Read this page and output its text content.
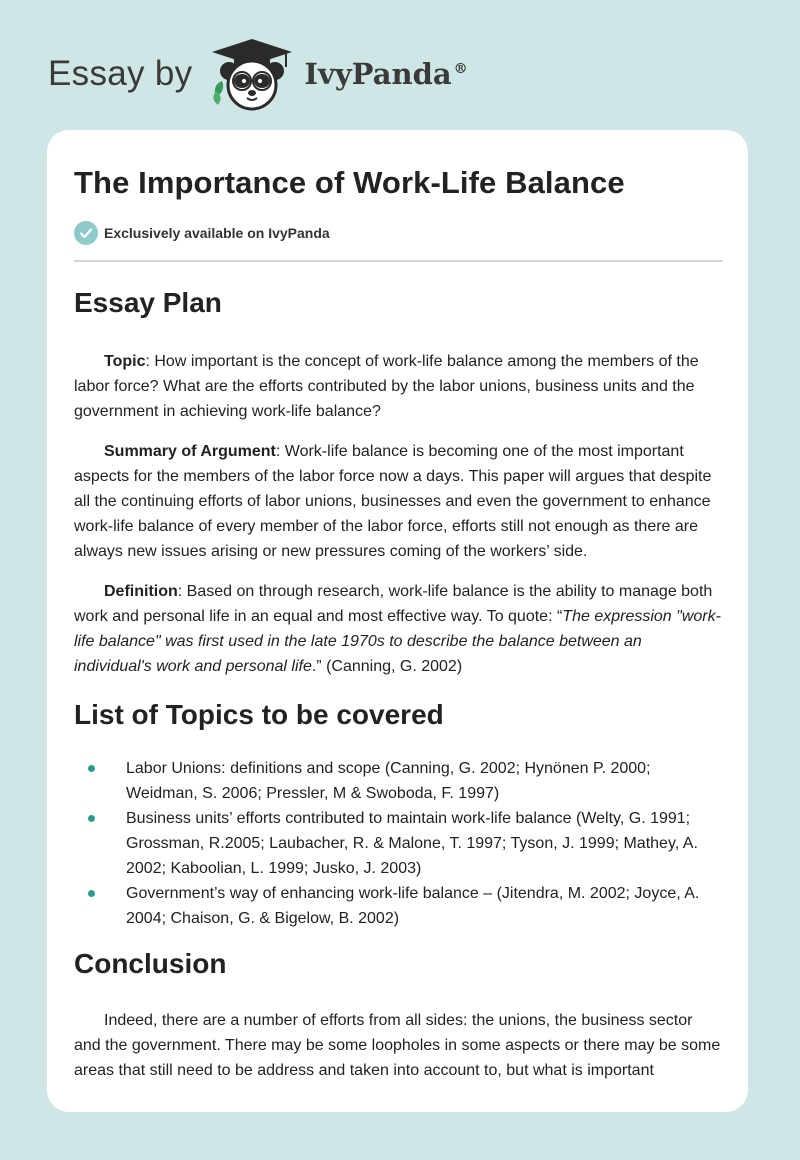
Essay by	IvyPanda ®
The Importance of Work-Life Balance
Exclusively available on IvyPanda
Essay Plan

Topic: How important is the concept of work-life balance among the members of the labor force? What are the efforts contributed by the labor unions, business units and the government in achieving work-life balance?

Summary of Argument: Work-life balance is becoming one of the most important aspects for the members of the labor force now a days. This paper will argues that despite all the continuing efforts of labor unions, businesses and even the government to enhance work-life balance of every member of the labor force, efforts still not enough as there are always new issues arising or new pressures coming of the workers’ side.

Definition: Based on through research, work-life balance is the ability to manage both work and personal life in an equal and most effective way. To quote: “The expression "work-life balance" was first used in the late 1970s to describe the balance between an individual's work and personal life.” (Canning, G. 2002)

List of Topics to be covered
Labor Unions: definitions and scope (Canning, G. 2002; Hynönen P. 2000; Weidman, S. 2006; Pressler, M & Swoboda, F. 1997)
Business units’ efforts contributed to maintain work-life balance (Welty, G. 1991; Grossman, R.2005; Laubacher, R. & Malone, T. 1997; Tyson, J. 1999; Mathey, A. 2002; Kaboolian, L. 1999; Jusko, J. 2003)
Government’s way of enhancing work-life balance – (Jitendra, M. 2002; Joyce, A. 2004; Chaison, G. & Bigelow, B. 2002)
Conclusion

Indeed, there are a number of efforts from all sides: the unions, the business sector and the government. There may be some loopholes in some aspects or there may be some areas that still need to be address and taken into account to, but what is important
